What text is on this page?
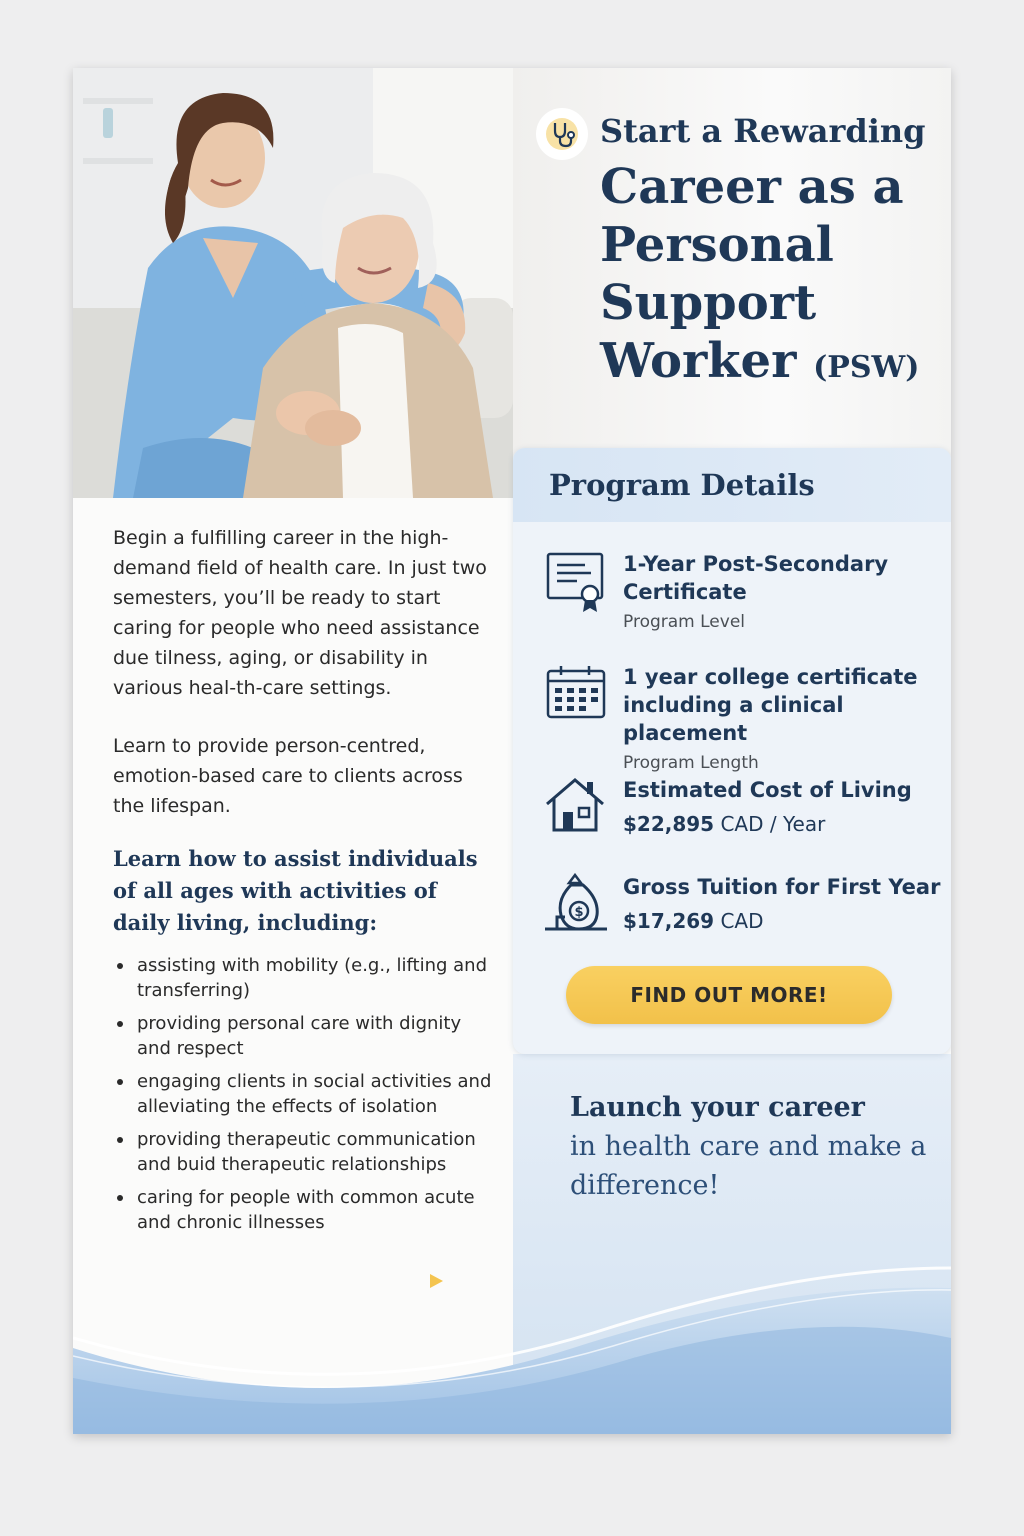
Start a Rewarding
Career as a Personal Support Worker (PSW)

Begin a fulfilling career in the high-demand field of health care. In just two semesters, you’ll be ready to start caring for people who need assistance due tilness, aging, or disability in various heal-th-care settings.

Learn to provide person-centred, emotion-based care to clients across the lifespan.

Learn how to assist individuals of all ages with activities of daily living, including:
assisting with mobility (e.g., lifting and transferring)
providing personal care with dignity and respect
engaging clients in social activities and alleviating the effects of isolation
providing therapeutic communication and buid therapeutic relationships
caring for people with common acute and chronic illnesses
Launch your career
in health care and make a difference!
Program Details
1-Year Post-Secondary Certificate
Program Level
1 year college certificate including a clinical placement
Program Length
Estimated Cost of Living
$22,895 CAD / Year
$
Gross Tuition for First Year
$17,269 CAD
FIND OUT MORE!
